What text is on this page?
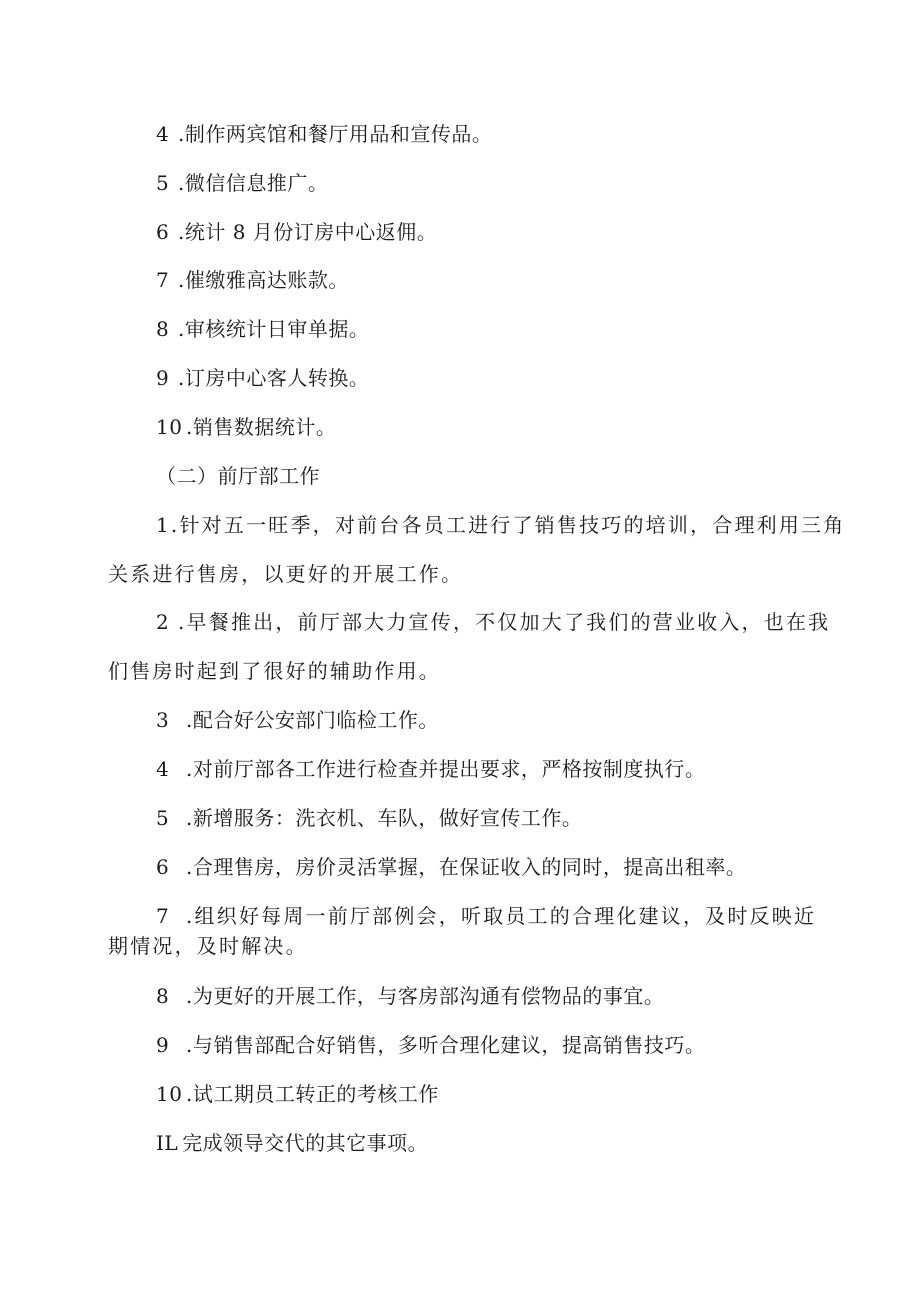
4 .制作两宾馆和餐厅用品和宣传品。
5 .微信信息推广。
6 .统计 8 月份订房中心返佣。
7 .催缴雅高达账款。
8 .审核统计日审单据。
9 .订房中心客人转换。
10 .销售数据统计。
（二）前厅部工作
1.针对五一旺季，对前台各员工进行了销售技巧的培训，合理利用三角
关系进行售房，以更好的开展工作。
2 .早餐推出，前厅部大力宣传，不仅加大了我们的营业收入，也在我
们售房时起到了很好的辅助作用。
3 .配合好公安部门临检工作。
4 .对前厅部各工作进行检查并提出要求，严格按制度执行。
5 .新增服务：洗衣机、车队，做好宣传工作。
6 .合理售房，房价灵活掌握，在保证收入的同时，提高出租率。
7 .组织好每周一前厅部例会，听取员工的合理化建议，及时反映近
期情况，及时解决。
8 .为更好的开展工作，与客房部沟通有偿物品的事宜。
9 .与销售部配合好销售，多听合理化建议，提高销售技巧。
10 .试工期员工转正的考核工作
IL 完成领导交代的其它事项。
